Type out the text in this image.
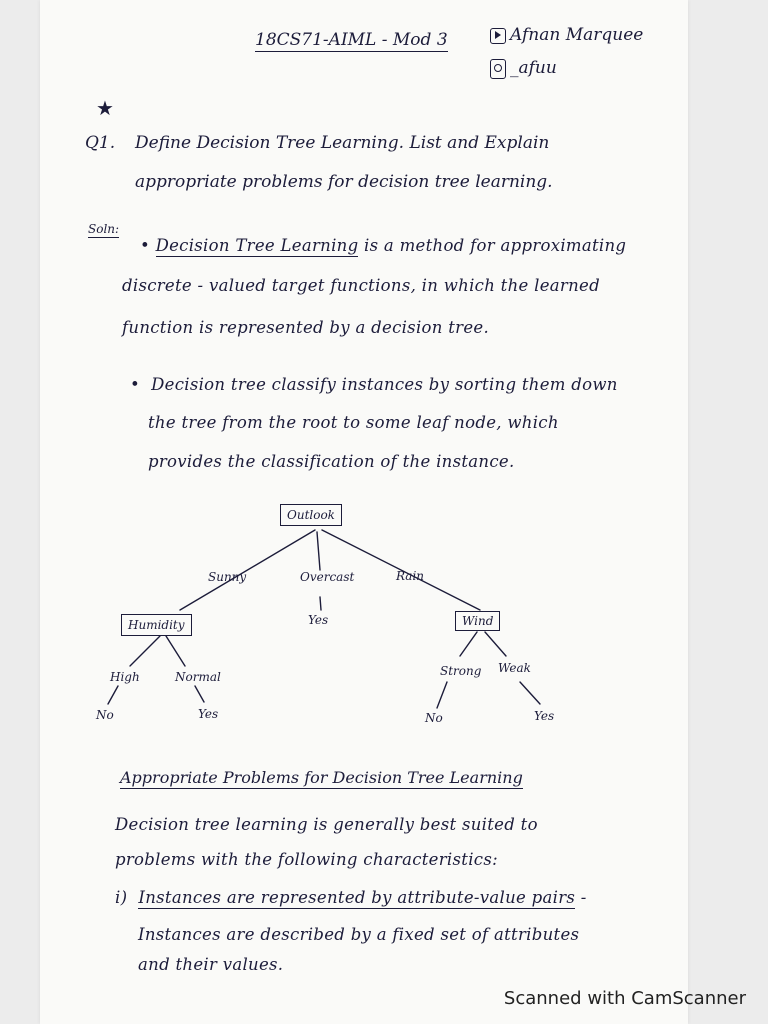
18CS71-AIML - Mod 3	Afnan Marquee
_afuu
★
Q1. Define Decision Tree Learning. List and Explain
appropriate problems for decision tree learning.
Soln:
• Decision Tree Learning is a method for approximating
discrete - valued target functions, in which the learned
function is represented by a decision tree.
•  Decision tree classify instances by sorting them down
the tree from the root to some leaf node, which
provides the classification of the instance.
Outlook
Sunny	Overcast	Rain
Yes
Humidity	Wind
High	Normal	Strong Weak
No	Yes	No	Yes
Appropriate Problems for Decision Tree Learning
Decision tree learning is generally best suited to
problems with the following characteristics:
i) Instances are represented by attribute-value pairs -
Instances are described by a fixed set of attributes
and their values.
Scanned with CamScanner
